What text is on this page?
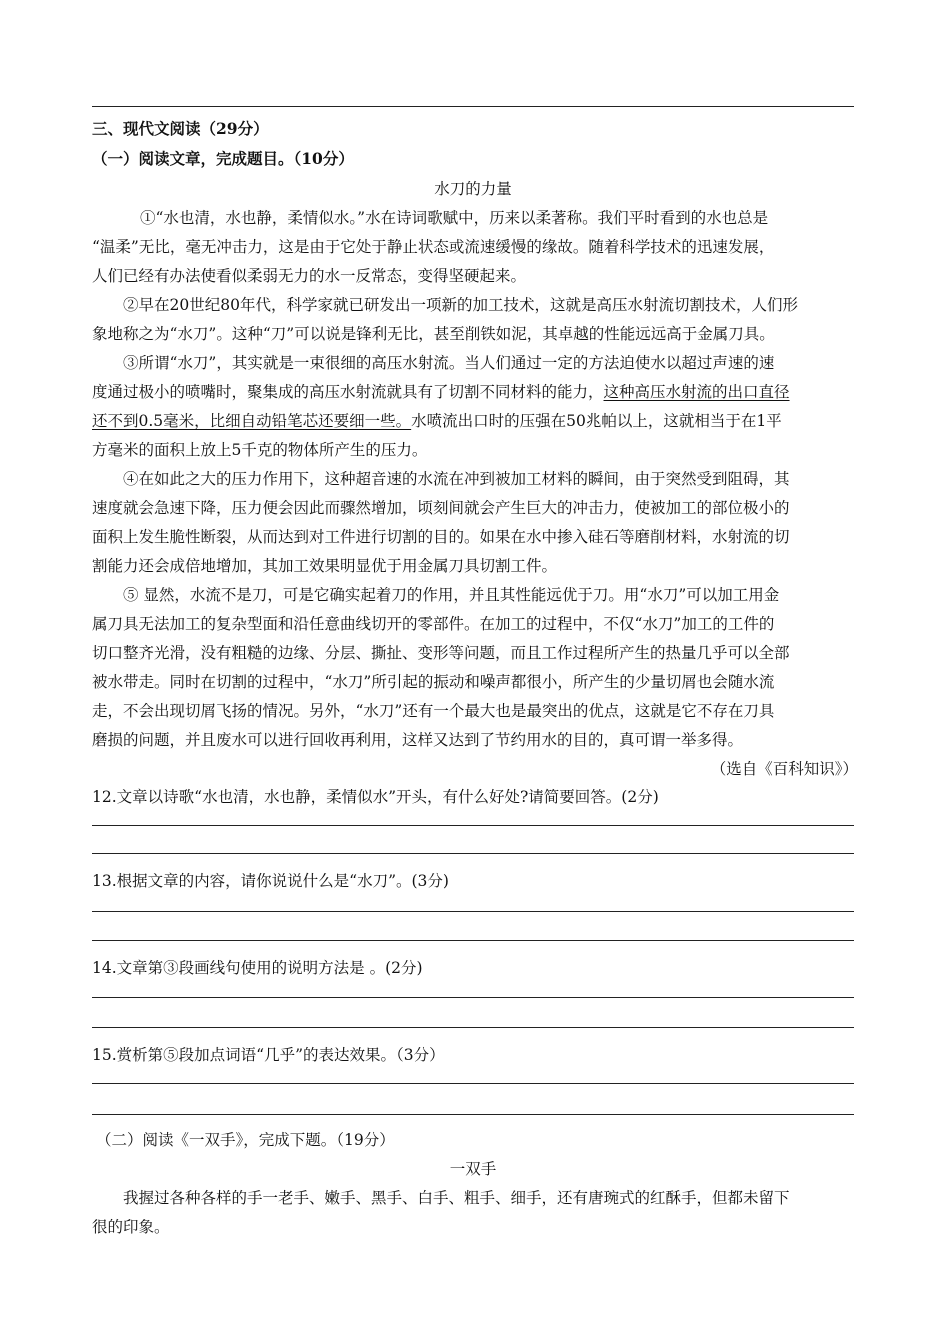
三、现代文阅读（29分）
（一）阅读文章，完成题目。（10分）
水刀的力量
①“水也清，水也静，柔情似水。”水在诗词歌赋中，历来以柔著称。我们平时看到的水也总是
“温柔”无比，毫无冲击力，这是由于它处于静止状态或流速缓慢的缘故。随着科学技术的迅速发展，
人们已经有办法使看似柔弱无力的水一反常态，变得坚硬起来。
②早在20世纪80年代，科学家就已研发出一项新的加工技术，这就是高压水射流切割技术，人们形
象地称之为“水刀”。这种“刀”可以说是锋利无比，甚至削铁如泥，其卓越的性能远远高于金属刀具。
③所谓“水刀”，其实就是一束很细的高压水射流。当人们通过一定的方法迫使水以超过声速的速
度通过极小的喷嘴时，聚集成的高压水射流就具有了切割不同材料的能力，这种高压水射流的出口直径
还不到0.5毫米，比细自动铅笔芯还要细一些。水喷流出口时的压强在50兆帕以上，这就相当于在1平
方毫米的面积上放上5千克的物体所产生的压力。
④在如此之大的压力作用下，这种超音速的水流在冲到被加工材料的瞬间，由于突然受到阻碍，其
速度就会急速下降，压力便会因此而骤然增加，顷刻间就会产生巨大的冲击力，使被加工的部位极小的
面积上发生脆性断裂，从而达到对工件进行切割的目的。如果在水中掺入硅石等磨削材料，水射流的切
割能力还会成倍地增加，其加工效果明显优于用金属刀具切割工件。
⑤ 显然，水流不是刀，可是它确实起着刀的作用，并且其性能远优于刀。用“水刀”可以加工用金
属刀具无法加工的复杂型面和沿任意曲线切开的零部件。在加工的过程中，不仅“水刀”加工的工件的
切口整齐光滑，没有粗糙的边缘、分层、撕扯、变形等问题，而且工作过程所产生的热量几乎可以全部
被水带走。同时在切割的过程中，“水刀”所引起的振动和噪声都很小，所产生的少量切屑也会随水流
走，不会出现切屑飞扬的情况。另外，“水刀”还有一个最大也是最突出的优点，这就是它不存在刀具
磨损的问题，并且废水可以进行回收再利用，这样又达到了节约用水的目的，真可谓一举多得。
（选自《百科知识》）
12.文章以诗歌“水也清，水也静，柔情似水”开头，有什么好处?请简要回答。(2分)
13.根据文章的内容，请你说说什么是“水刀”。(3分)
14.文章第③段画线句使用的说明方法是 。(2分)
15.赏析第⑤段加点词语“几乎”的表达效果。（3分）
（二）阅读《一双手》，完成下题。（19分）
一双手
我握过各种各样的手一老手、嫩手、黑手、白手、粗手、细手，还有唐琬式的红酥手，但都未留下
很的印象。
